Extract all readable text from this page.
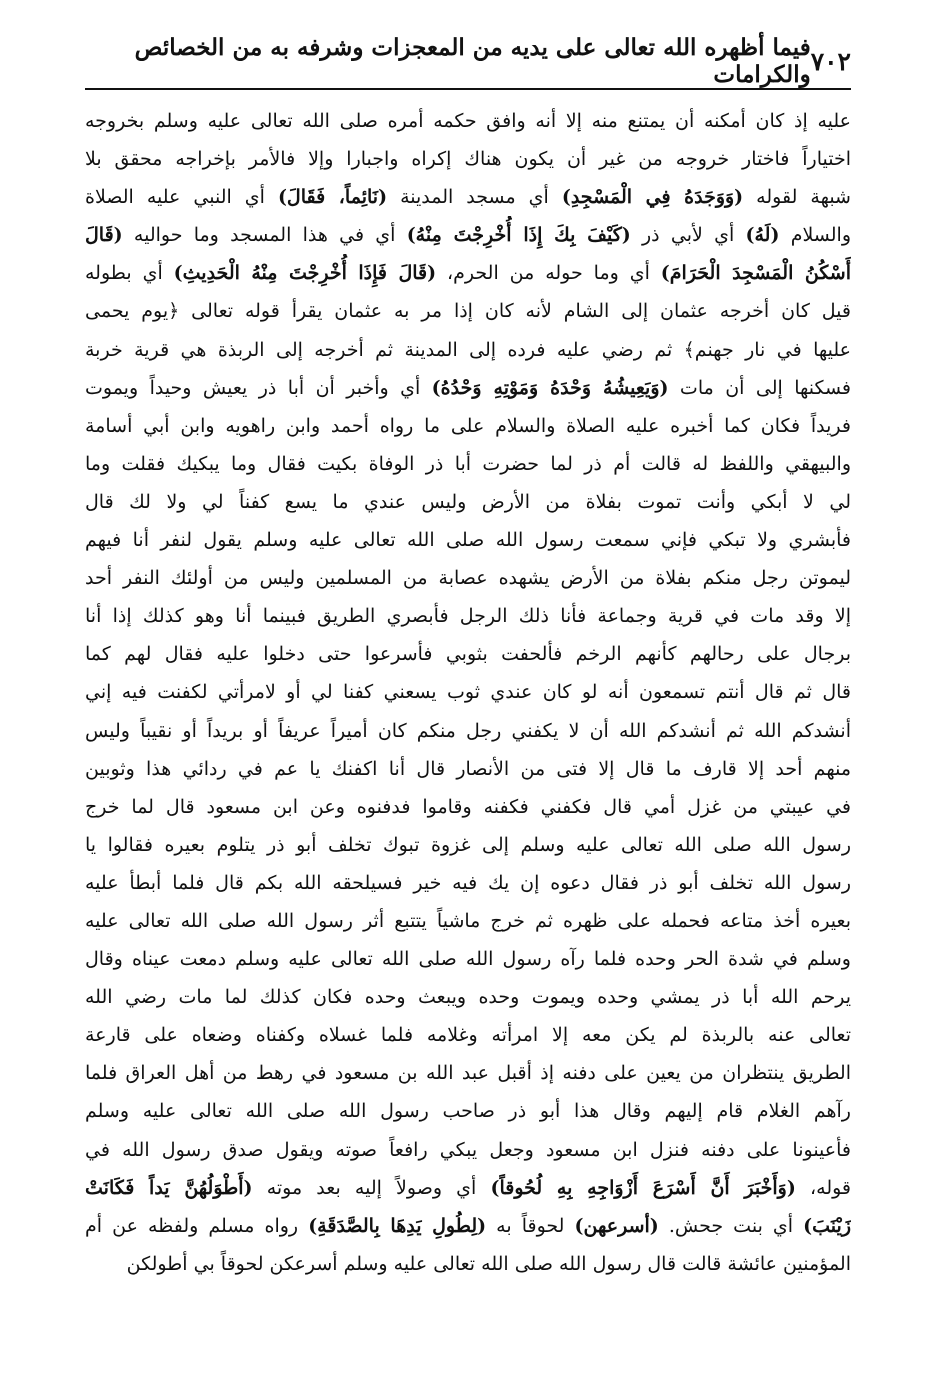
٧٠٢
فيما أظهره الله تعالى على يديه من المعجزات وشرفه به من الخصائص والكرامات
عليه إذ كان أمكنه أن يمتنع منه إلا أنه وافق حكمه أمره صلى الله تعالى عليه وسلم بخروجه
اختياراً فاختار خروجه من غير أن يكون هناك إكراه واجبارا وإلا فالأمر بإخراجه محقق بلا
شبهة لقوله (وَوَجَدَهُ فِي الْمَسْجِدِ) أي مسجد المدينة (نَائِماً، فَقَالَ) أي النبي عليه الصلاة
والسلام (لَهُ) أي لأبي ذر (كَيْفَ بِكَ إِذَا أُخْرِجْتَ مِنْهُ) أي في هذا المسجد وما حواليه (قَالَ
أَسْكُنُ الْمَسْجِدَ الْحَرَامَ) أي وما حوله من الحرم، (قَالَ فَإِذَا أُخْرِجْتَ مِنْهُ الْحَدِيثِ) أي بطوله
قيل كان أخرجه عثمان إلى الشام لأنه كان إذا مر به عثمان يقرأ قوله تعالى ﴿يوم يحمى
عليها في نار جهنم﴾ ثم رضي عليه فرده إلى المدينة ثم أخرجه إلى الربذة هي قرية خربة
فسكنها إلى أن مات (وَيَعِيشُهُ وَحْدَهُ وَمَوْتِهِ وَحْدُهُ) أي وأخبر أن أبا ذر يعيش وحيداً ويموت
فريداً فكان كما أخبره عليه الصلاة والسلام على ما رواه أحمد وابن راهويه وابن أبي أسامة
والبيهقي واللفظ له قالت أم ذر لما حضرت أبا ذر الوفاة بكيت فقال وما يبكيك فقلت وما
لي لا أبكي وأنت تموت بفلاة من الأرض وليس عندي ما يسع كفناً لي ولا لك قال
فأبشري ولا تبكي فإني سمعت رسول الله صلى الله تعالى عليه وسلم يقول لنفر أنا فيهم
ليموتن رجل منكم بفلاة من الأرض يشهده عصابة من المسلمين وليس من أولئك النفر أحد
إلا وقد مات في قرية وجماعة فأنا ذلك الرجل فأبصري الطريق فبينما أنا وهو كذلك إذا أنا
برجال على رحالهم كأنهم الرخم فألحفت بثوبي فأسرعوا حتى دخلوا عليه فقال لهم كما
قال ثم قال أنتم تسمعون أنه لو كان عندي ثوب يسعني كفنا لي أو لامرأتي لكفنت فيه إني
أنشدكم الله ثم أنشدكم الله أن لا يكفني رجل منكم كان أميراً عريفاً أو بريداً أو نقيباً وليس
منهم أحد إلا قارف ما قال إلا فتى من الأنصار قال أنا اكفنك يا عم في ردائي هذا وثوبين
في عيبتي من غزل أمي قال فكفني فكفنه وقاموا فدفنوه وعن ابن مسعود قال لما خرج
رسول الله صلى الله تعالى عليه وسلم إلى غزوة تبوك تخلف أبو ذر يتلوم بعيره فقالوا يا
رسول الله تخلف أبو ذر فقال دعوه إن يك فيه خير فسيلحقه الله بكم قال فلما أبطأ عليه
بعيره أخذ متاعه فحمله على ظهره ثم خرج ماشياً يتتبع أثر رسول الله صلى الله تعالى عليه
وسلم في شدة الحر وحده فلما رآه رسول الله صلى الله تعالى عليه وسلم دمعت عيناه وقال
يرحم الله أبا ذر يمشي وحده ويموت وحده ويبعث وحده فكان كذلك لما مات رضي الله
تعالى عنه بالربذة لم يكن معه إلا امرأته وغلامه فلما غسلاه وكفناه وضعاه على قارعة
الطريق ينتظران من يعين على دفنه إذ أقبل عبد الله بن مسعود في رهط من أهل العراق فلما
رآهم الغلام قام إليهم وقال هذا أبو ذر صاحب رسول الله صلى الله تعالى عليه وسلم
فأعينونا على دفنه فنزل ابن مسعود وجعل يبكي رافعاً صوته ويقول صدق رسول الله في
قوله، (وَأَخْبَرَ أَنَّ أَسْرَعَ أَزْوَاجِهِ بِهِ لُحُوقاً) أي وصولاً إليه بعد موته (أَطْوَلُهُنَّ يَداً فَكَانَتْ
زَيْنَبَ) أي بنت جحش. (أسرعهن) لحوقاً به (لِطُولِ يَدِهَا بِالصَّدَقَةِ) رواه مسلم ولفظه عن أم
المؤمنين عائشة قالت قال رسول الله صلى الله تعالى عليه وسلم أسرعكن لحوقاً بي أطولكن
